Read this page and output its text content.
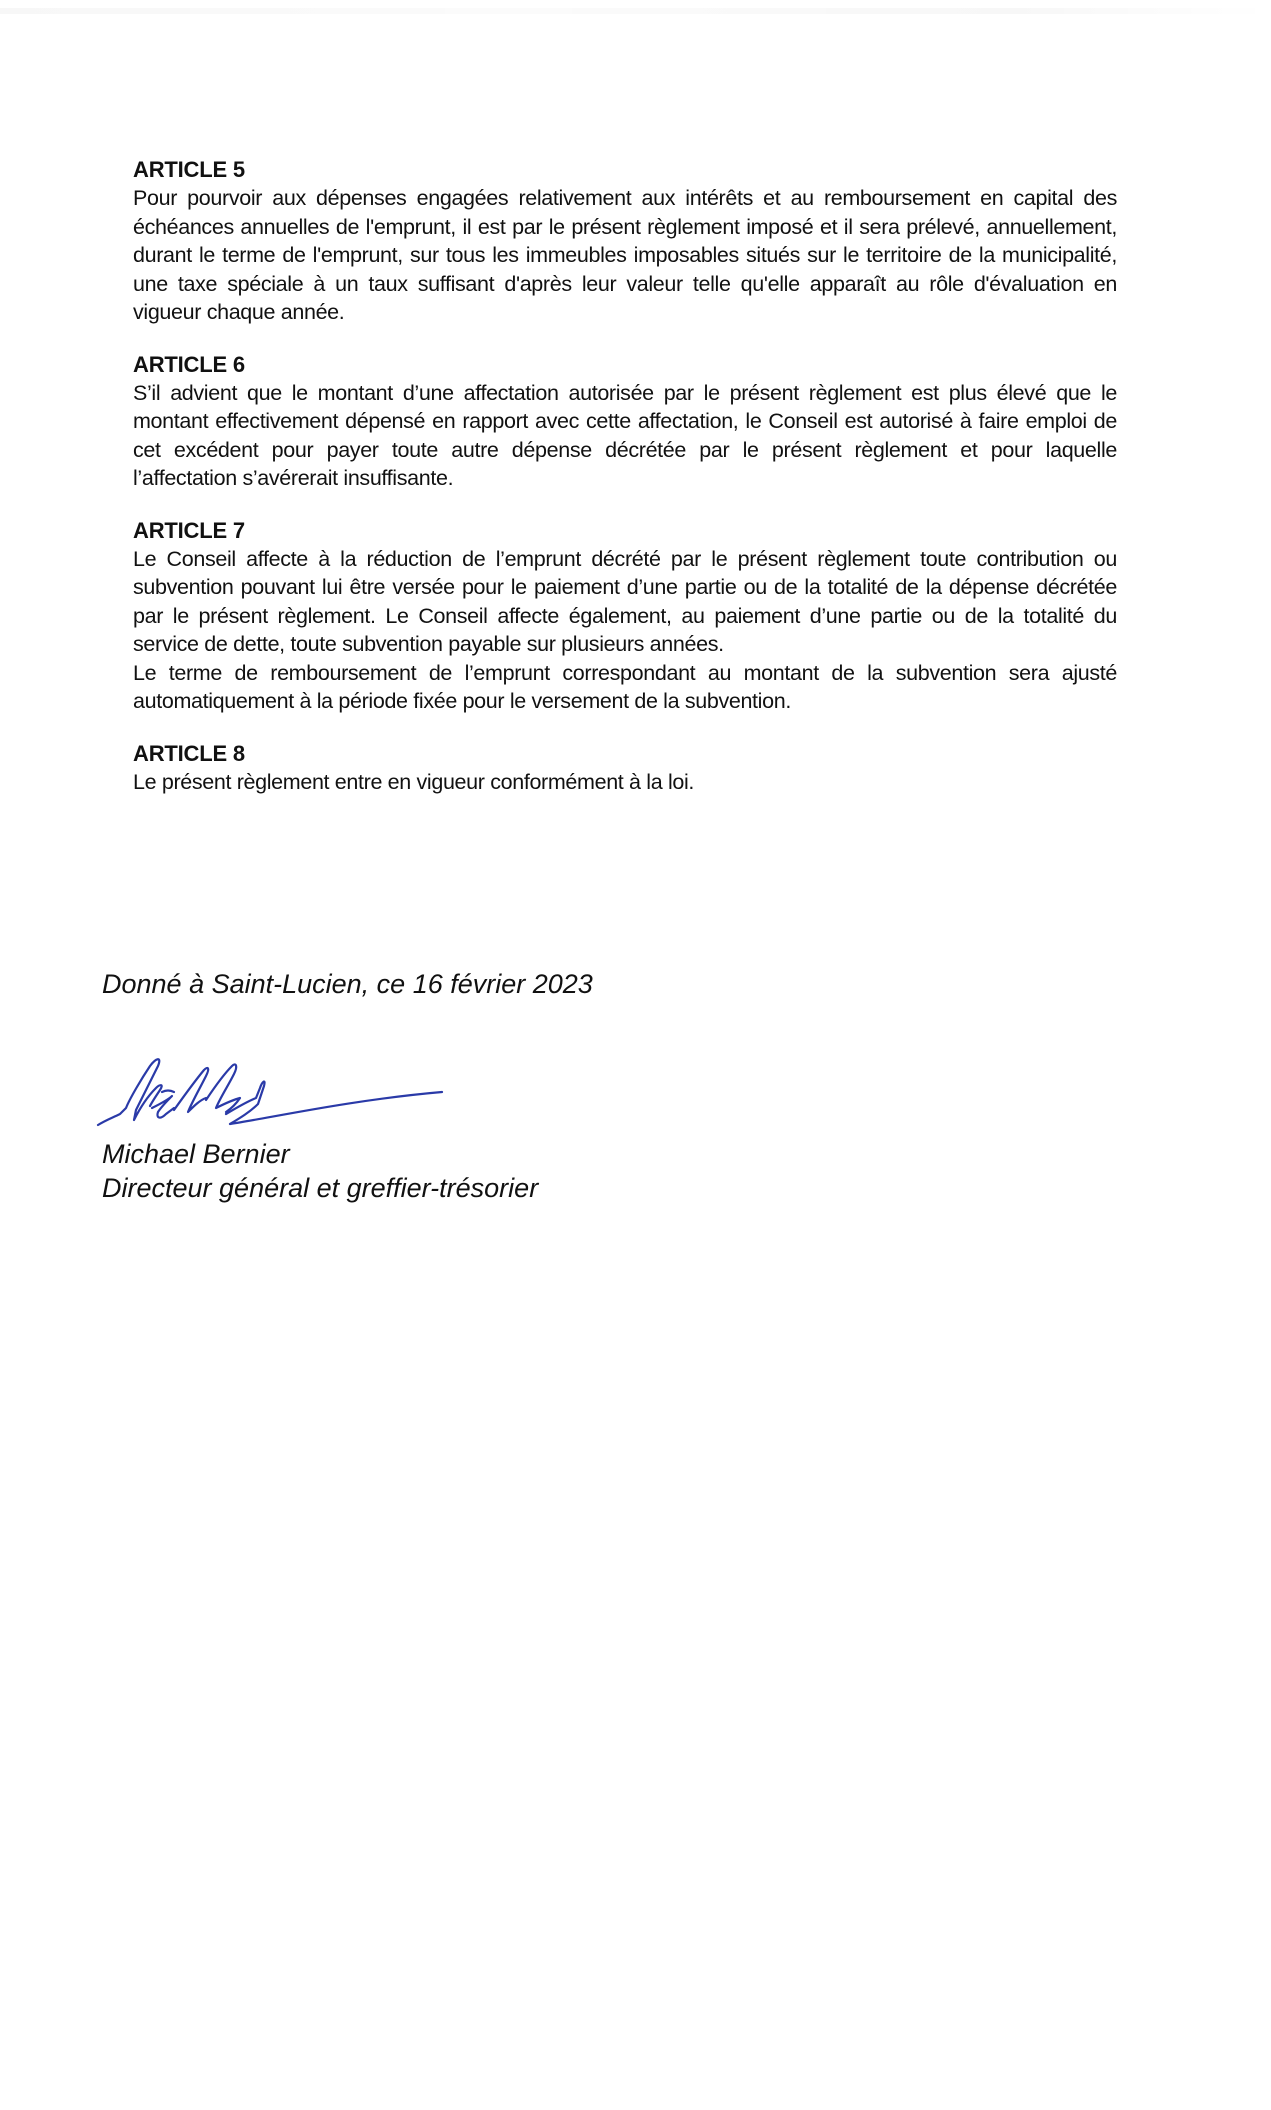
ARTICLE 5

Pour pourvoir aux dépenses engagées relativement aux intérêts et au remboursement en capital des échéances annuelles de l'emprunt, il est par le présent règlement imposé et il sera prélevé, annuellement, durant le terme de l'emprunt, sur tous les immeubles imposables situés sur le territoire de la municipalité, une taxe spéciale à un taux suffisant d'après leur valeur telle qu'elle apparaît au rôle d'évaluation en vigueur chaque année.

ARTICLE 6

S’il advient que le montant d’une affectation autorisée par le présent règlement est plus élevé que le montant effectivement dépensé en rapport avec cette affectation, le Conseil est autorisé à faire emploi de cet excédent pour payer toute autre dépense décrétée par le présent règlement et pour laquelle l’affectation s’avérerait insuffisante.

ARTICLE 7

Le Conseil affecte à la réduction de l’emprunt décrété par le présent règlement toute contribution ou subvention pouvant lui être versée pour le paiement d’une partie ou de la totalité de la dépense décrétée par le présent règlement. Le Conseil affecte également, au paiement d’une partie ou de la totalité du service de dette, toute subvention payable sur plusieurs années.

Le terme de remboursement de l’emprunt correspondant au montant de la subvention sera ajusté automatiquement à la période fixée pour le versement de la subvention.

ARTICLE 8

Le présent règlement entre en vigueur conformément à la loi.

Donné à Saint-Lucien, ce 16 février 2023
Michael Bernier
Directeur général et greffier-trésorier
